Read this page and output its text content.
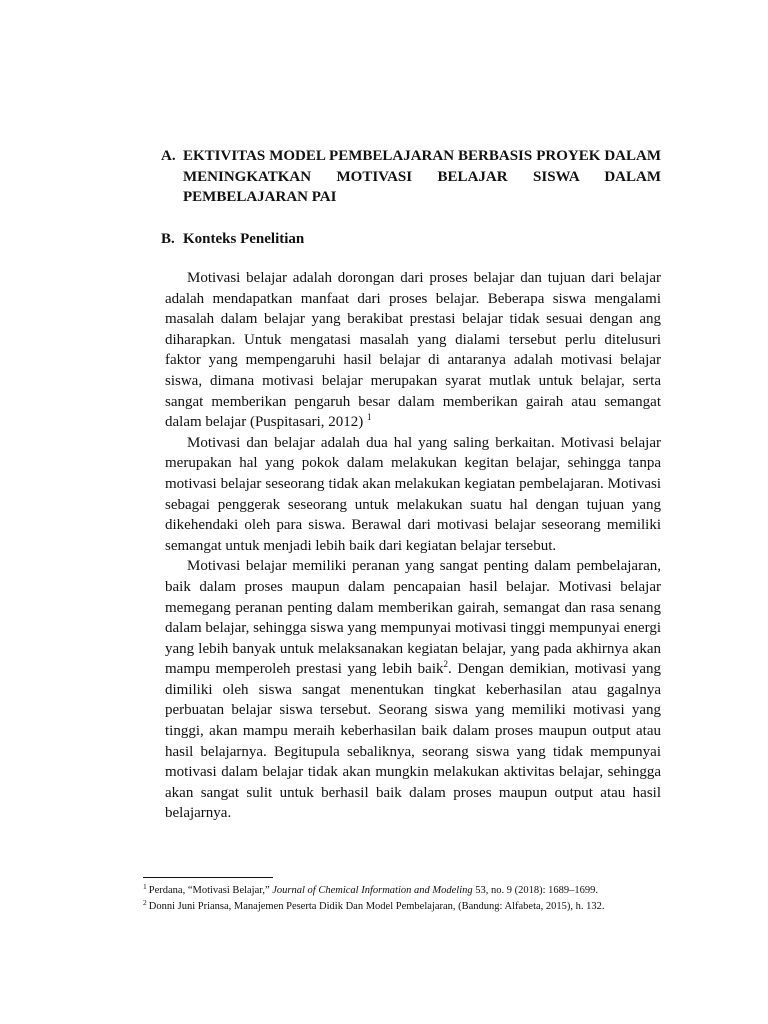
A. EKTIVITAS MODEL PEMBELAJARAN BERBASIS PROYEK DALAM MENINGKATKAN MOTIVASI BELAJAR SISWA DALAM PEMBELAJARAN PAI
B. Konteks Penelitian

Motivasi belajar adalah dorongan dari proses belajar dan tujuan dari belajar adalah mendapatkan manfaat dari proses belajar. Beberapa siswa mengalami masalah dalam belajar yang berakibat prestasi belajar tidak sesuai dengan ang diharapkan. Untuk mengatasi masalah yang dialami tersebut perlu ditelusuri faktor yang mempengaruhi hasil belajar di antaranya adalah motivasi belajar siswa, dimana motivasi belajar merupakan syarat mutlak untuk belajar, serta sangat memberikan pengaruh besar dalam memberikan gairah atau semangat dalam belajar (Puspitasari, 2012) $^1$

Motivasi dan belajar adalah dua hal yang saling berkaitan. Motivasi belajar merupakan hal yang pokok dalam melakukan kegitan belajar, sehingga tanpa motivasi belajar seseorang tidak akan melakukan kegiatan pembelajaran. Motivasi sebagai penggerak seseorang untuk melakukan suatu hal dengan tujuan yang dikehendaki oleh para siswa. Berawal dari motivasi belajar seseorang memiliki semangat untuk menjadi lebih baik dari kegiatan belajar tersebut.

Motivasi belajar memiliki peranan yang sangat penting dalam pembelajaran, baik dalam proses maupun dalam pencapaian hasil belajar. Motivasi belajar memegang peranan penting dalam memberikan gairah, semangat dan rasa senang dalam belajar, sehingga siswa yang mempunyai motivasi tinggi mempunyai energi yang lebih banyak untuk melaksanakan kegiatan belajar, yang pada akhirnya akan mampu memperoleh prestasi yang lebih baik$^2$. Dengan demikian, motivasi yang dimiliki oleh siswa sangat menentukan tingkat keberhasilan atau gagalnya perbuatan belajar siswa tersebut. Seorang siswa yang memiliki motivasi yang tinggi, akan mampu meraih keberhasilan baik dalam proses maupun output atau hasil belajarnya. Begitupula sebaliknya, seorang siswa yang tidak mempunyai motivasi dalam belajar tidak akan mungkin melakukan aktivitas belajar, sehingga akan sangat sulit untuk berhasil baik dalam proses maupun output atau hasil belajarnya.

$^1$ Perdana, “Motivasi Belajar,” Journal of Chemical Information and Modeling 53, no. 9 (2018): 1689–1699.

$^2$ Donni Juni Priansa, Manajemen Peserta Didik Dan Model Pembelajaran, (Bandung: Alfabeta, 2015), h. 132.
